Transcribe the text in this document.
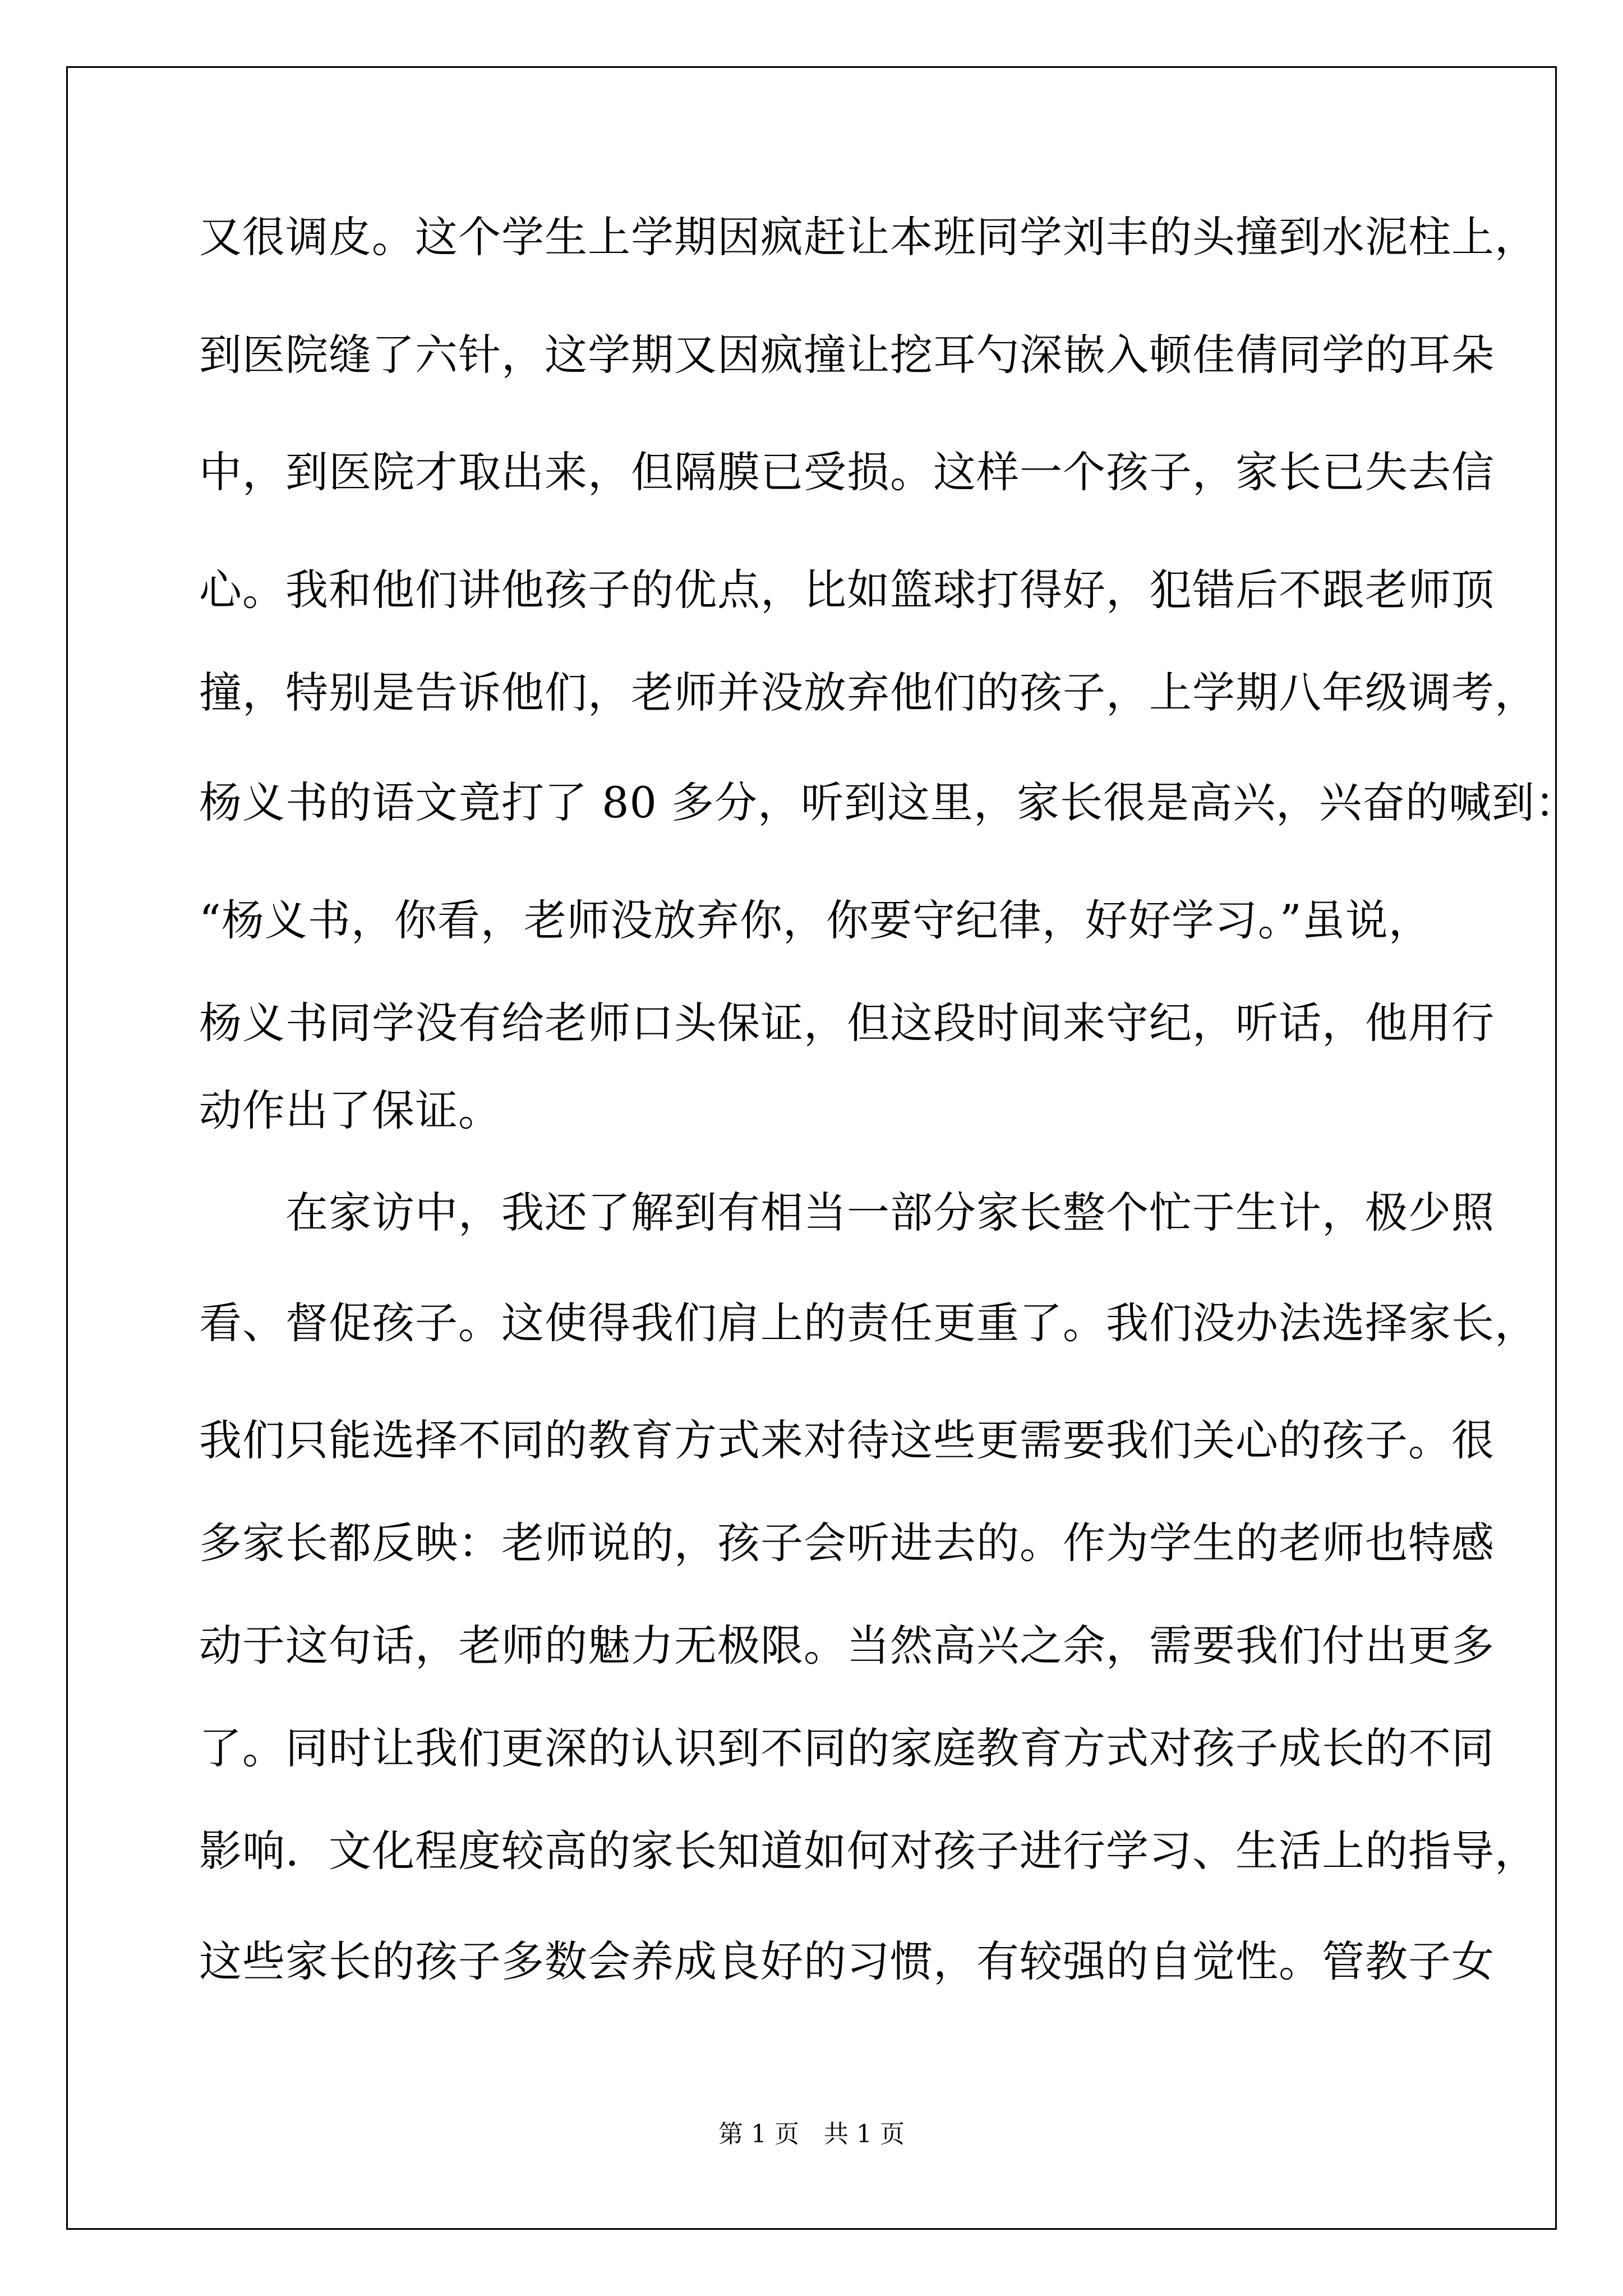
又很调皮。这个学生上学期因疯赶让本班同学刘丰的头撞到水泥柱上，
到医院缝了六针，这学期又因疯撞让挖耳勺深嵌入顿佳倩同学的耳朵
中，到医院才取出来，但隔膜已受损。这样一个孩子，家长已失去信
心。我和他们讲他孩子的优点，比如篮球打得好，犯错后不跟老师顶
撞，特别是告诉他们，老师并没放弃他们的孩子，上学期八年级调考，
杨义书的语文竟打了 80 多分，听到这里，家长很是高兴，兴奋的喊到：
“杨义书，你看，老师没放弃你，你要守纪律，好好学习。”虽说，
杨义书同学没有给老师口头保证，但这段时间来守纪，听话，他用行
动作出了保证。
　　在家访中，我还了解到有相当一部分家长整个忙于生计，极少照
看、督促孩子。这使得我们肩上的责任更重了。我们没办法选择家长，
我们只能选择不同的教育方式来对待这些更需要我们关心的孩子。很
多家长都反映：老师说的，孩子会听进去的。作为学生的老师也特感
动于这句话，老师的魅力无极限。当然高兴之余，需要我们付出更多
了。同时让我们更深的认识到不同的家庭教育方式对孩子成长的不同
影响．文化程度较高的家长知道如何对孩子进行学习、生活上的指导，
这些家长的孩子多数会养成良好的习惯，有较强的自觉性。管教子女
第 1 页　共 1 页
